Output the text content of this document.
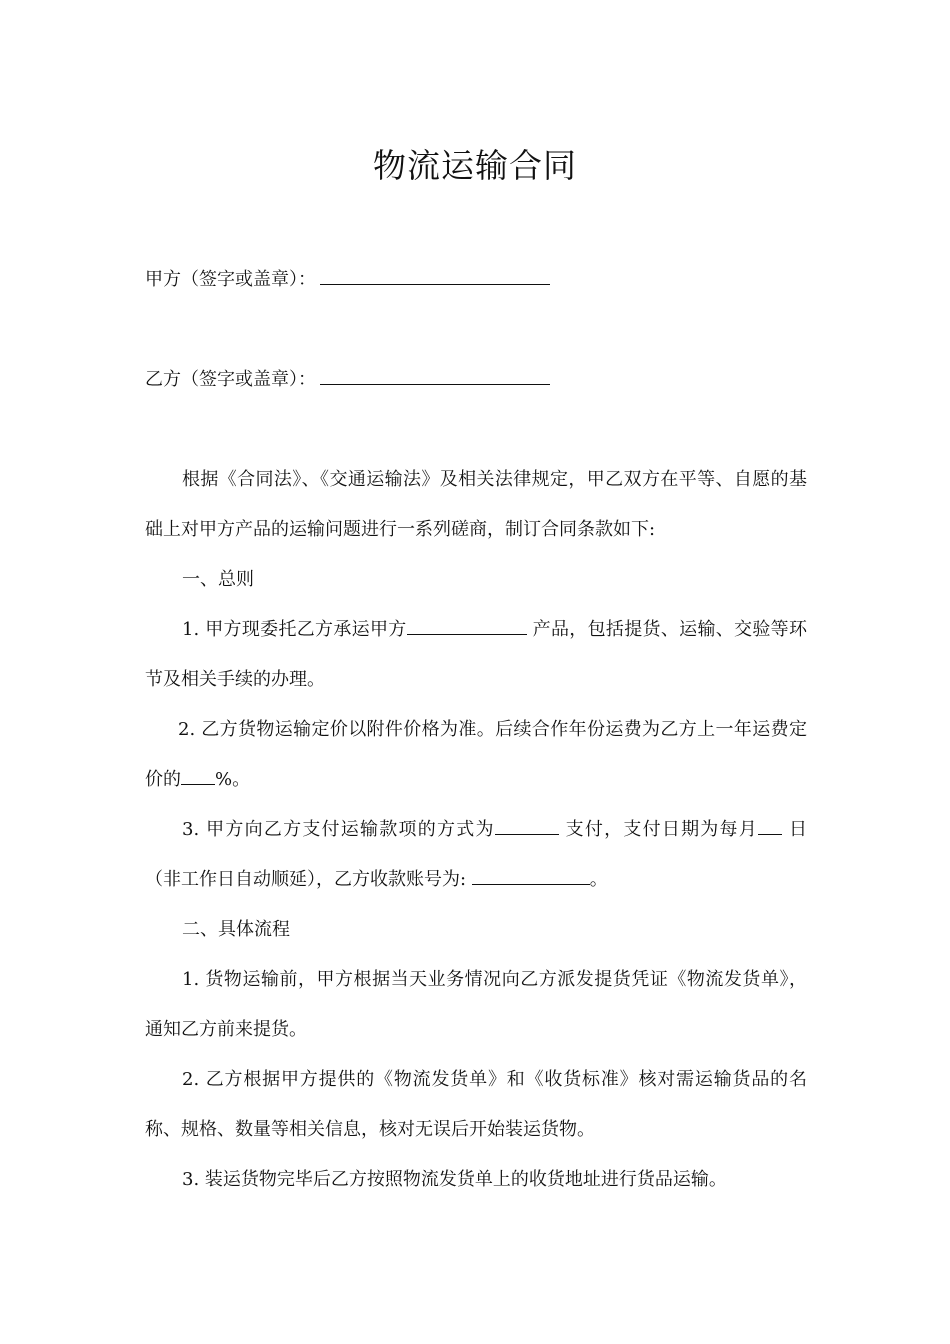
物流运输合同
甲方（签字或盖章）：
乙方（签字或盖章）：

根据《合同法》、《交通运输法》及相关法律规定，甲乙双方在平等、自愿的基础上对甲方产品的运输问题进行一系列磋商，制订合同条款如下:

一、总则

1. 甲方现委托乙方承运甲方	产品，包括提货、运输、交验等环节及相关手续的办理。

2. 乙方货物运输定价以附件价格为准。后续合作年份运费为乙方上一年运费定价的 %。

3. 甲方向乙方支付运输款项的方式为	支付，支付日期为每月 日（非工作日自动顺延），乙方收款账号为:	。

二、具体流程

1. 货物运输前，甲方根据当天业务情况向乙方派发提货凭证《物流发货单》，通知乙方前来提货。

2. 乙方根据甲方提供的《物流发货单》和《收货标准》核对需运输货品的名称、规格、数量等相关信息，核对无误后开始装运货物。

3. 装运货物完毕后乙方按照物流发货单上的收货地址进行货品运输。
